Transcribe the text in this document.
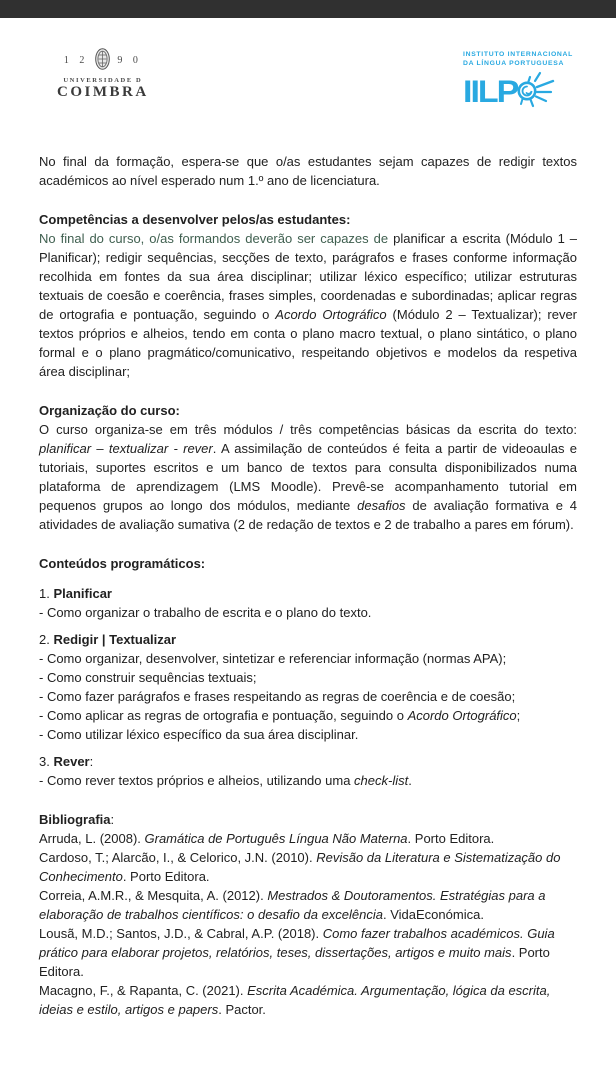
1 2	9 0
UNIVERSIDADE D
COIMBRA
INSTITUTO INTERNACIONAL
DA LÍNGUA PORTUGUESA
IILP

No final da formação, espera-se que o/as estudantes sejam capazes de redigir textos académicos ao nível esperado num 1.º ano de licenciatura.

Competências a desenvolver pelos/as estudantes:

No final do curso, o/as formandos deverão ser capazes de planificar a escrita (Módulo 1 – Planificar); redigir sequências, secções de texto, parágrafos e frases conforme informação recolhida em fontes da sua área disciplinar; utilizar léxico específico; utilizar estruturas textuais de coesão e coerência, frases simples, coordenadas e subordinadas; aplicar regras de ortografia e pontuação, seguindo o Acordo Ortográfico (Módulo 2 – Textualizar); rever textos próprios e alheios, tendo em conta o plano macro textual, o plano sintático, o plano formal e o plano pragmático/comunicativo, respeitando objetivos e modelos da respetiva área disciplinar;

Organização do curso:

O curso organiza-se em três módulos / três competências básicas da escrita do texto: planificar – textualizar - rever. A assimilação de conteúdos é feita a partir de videoaulas e tutoriais, suportes escritos e um banco de textos para consulta disponibilizados numa plataforma de aprendizagem (LMS Moodle). Prevê-se acompanhamento tutorial em pequenos grupos ao longo dos módulos, mediante desafios de avaliação formativa e 4 atividades de avaliação sumativa (2 de redação de textos e 2 de trabalho a pares em fórum).

Conteúdos programáticos:

1. Planificar

- Como organizar o trabalho de escrita e o plano do texto.

2. Redigir | Textualizar

- Como organizar, desenvolver, sintetizar e referenciar informação (normas APA);

- Como construir sequências textuais;

- Como fazer parágrafos e frases respeitando as regras de coerência e de coesão;

- Como aplicar as regras de ortografia e pontuação, seguindo o Acordo Ortográfico;

- Como utilizar léxico específico da sua área disciplinar.

3. Rever:

- Como rever textos próprios e alheios, utilizando uma check-list.

Bibliografia:

Arruda, L. (2008). Gramática de Português Língua Não Materna. Porto Editora.

Cardoso, T.; Alarcão, I., & Celorico, J.N. (2010). Revisão da Literatura e Sistematização do Conhecimento. Porto Editora.

Correia, A.M.R., & Mesquita, A. (2012). Mestrados & Doutoramentos. Estratégias para a elaboração de trabalhos científicos: o desafio da excelência. VidaEconómica.

Lousã, M.D.; Santos, J.D., & Cabral, A.P. (2018). Como fazer trabalhos académicos. Guia prático para elaborar projetos, relatórios, teses, dissertações, artigos e muito mais. Porto Editora.

Macagno, F., & Rapanta, C. (2021). Escrita Académica. Argumentação, lógica da escrita, ideias e estilo, artigos e papers. Pactor.
